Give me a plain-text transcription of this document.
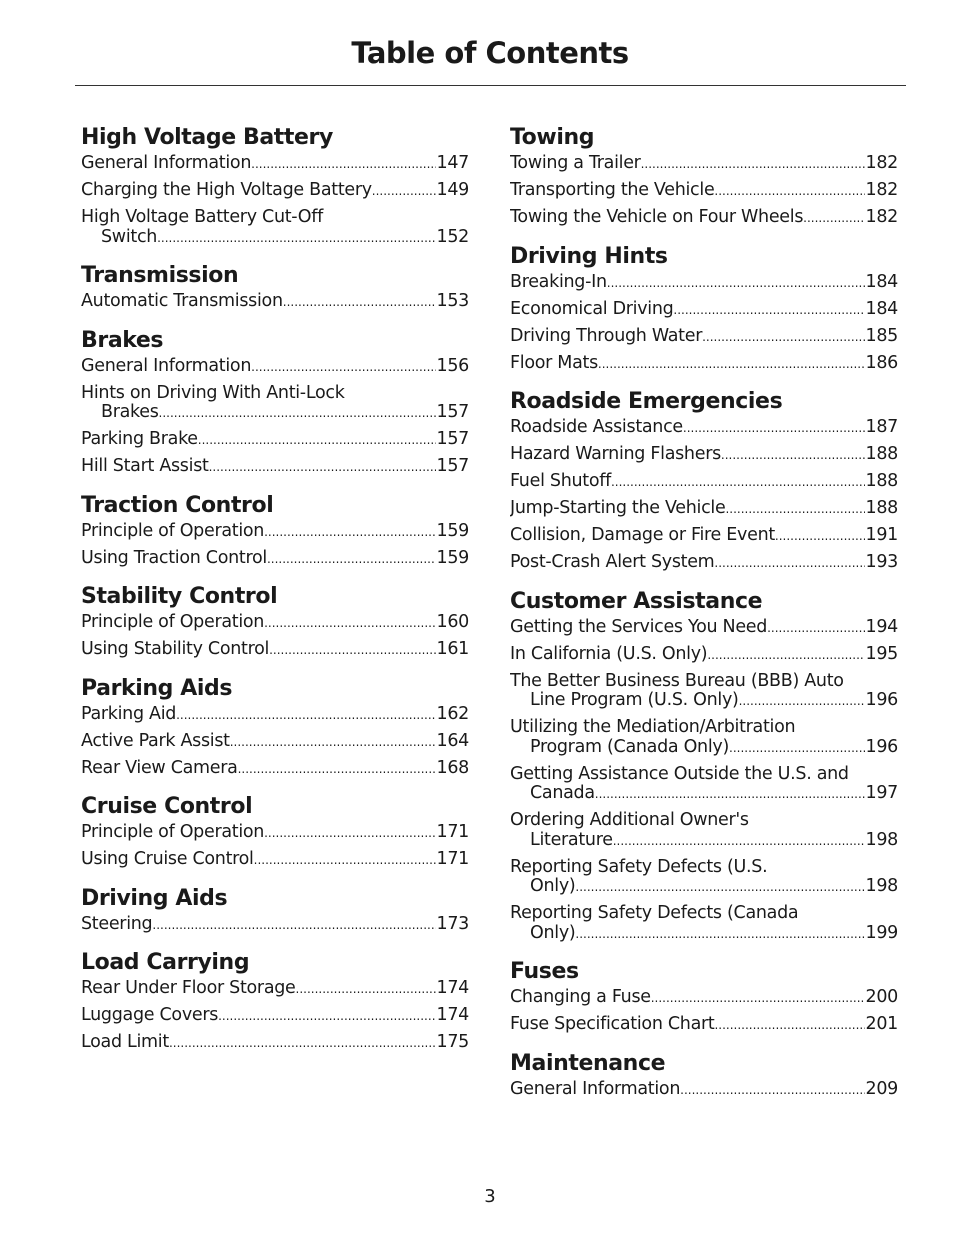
Table of Contents
High Voltage Battery
General Information .....	147
Charging the High Voltage Battery .....	149
High Voltage Battery Cut-Off
Switch .....	152
Transmission
Automatic Transmission .....	153
Brakes
General Information .....	156
Hints on Driving With Anti-Lock
Brakes .....	157
Parking Brake .....	157
Hill Start Assist .....	157
Traction Control
Principle of Operation .....	159
Using Traction Control .....	159
Stability Control
Principle of Operation .....	160
Using Stability Control .....	161
Parking Aids
Parking Aid .....	162
Active Park Assist .....	164
Rear View Camera .....	168
Cruise Control
Principle of Operation .....	171
Using Cruise Control .....	171
Driving Aids
Steering .....	173
Load Carrying
Rear Under Floor Storage .....	174
Luggage Covers .....	174
Load Limit .....	175
Towing
Towing a Trailer .....	182
Transporting the Vehicle .....	182
Towing the Vehicle on Four Wheels .....	182
Driving Hints
Breaking-In .....	184
Economical Driving .....	184
Driving Through Water .....	185
Floor Mats .....	186
Roadside Emergencies
Roadside Assistance .....	187
Hazard Warning Flashers .....	188
Fuel Shutoff .....	188
Jump-Starting the Vehicle .....	188
Collision, Damage or Fire Event .....	191
Post-Crash Alert System .....	193
Customer Assistance
Getting the Services You Need .....	194
In California (U.S. Only) .....	195
The Better Business Bureau (BBB) Auto
Line Program (U.S. Only) .....	196
Utilizing the Mediation/Arbitration
Program (Canada Only) .....	196
Getting Assistance Outside the U.S. and
Canada .....	197
Ordering Additional Owner's
Literature .....	198
Reporting Safety Defects (U.S.
Only) .....	198
Reporting Safety Defects (Canada
Only) .....	199
Fuses
Changing a Fuse .....	200
Fuse Specification Chart .....	201
Maintenance
General Information .....	209
3
